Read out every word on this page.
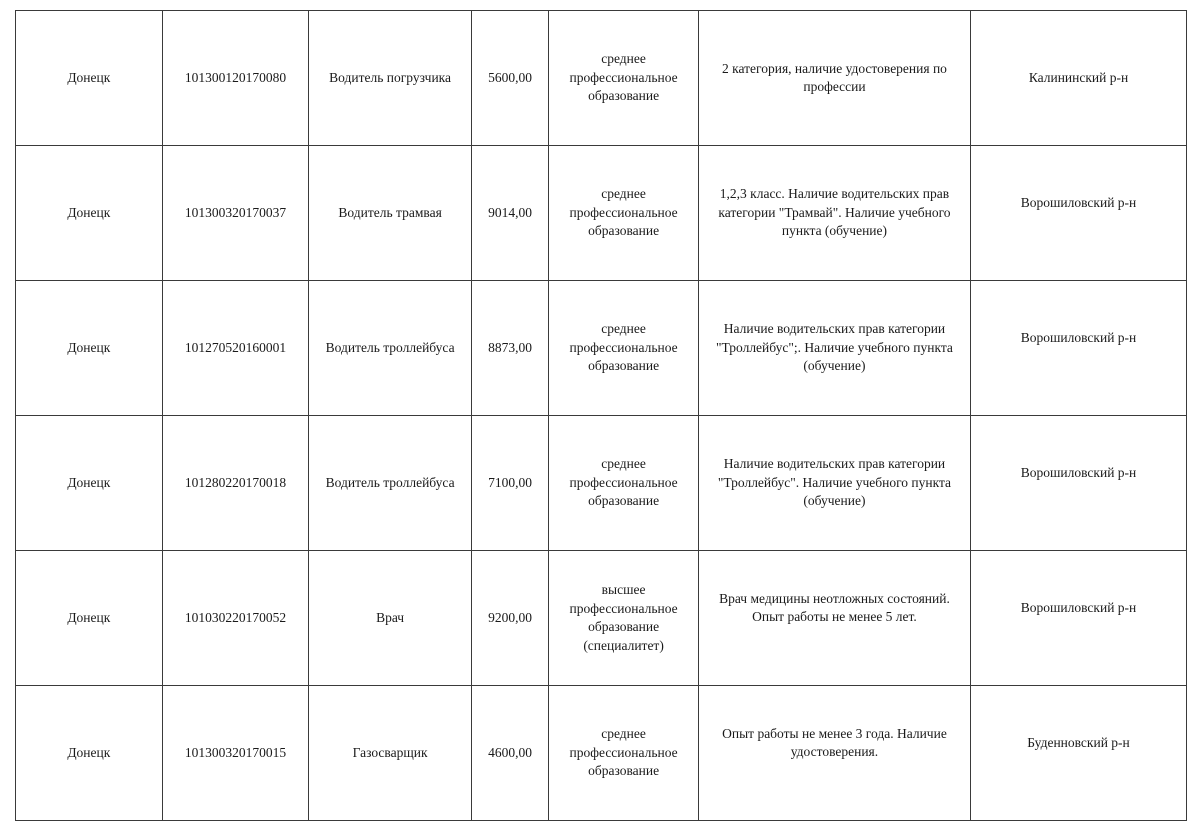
Донецк	101300120170080	Водитель погрузчика	5600,00	среднее профессиональное образование	2 категория, наличие удостоверения по профессии	Калининский р-н
Донецк	101300320170037	Водитель трамвая	9014,00	среднее профессиональное образование	1,2,3 класс. Наличие водительских прав категории "Трамвай". Наличие учебного пункта (обучение)	Ворошиловский р-н
Донецк	101270520160001	Водитель троллейбуса	8873,00	среднее профессиональное образование	Наличие водительских прав категории "Троллейбус";. Наличие учебного пункта (обучение)	Ворошиловский р-н
Донецк	101280220170018	Водитель троллейбуса	7100,00	среднее профессиональное образование	Наличие водительских прав категории "Троллейбус". Наличие учебного пункта (обучение)	Ворошиловский р-н
Донецк	101030220170052	Врач	9200,00	высшее профессиональное образование (специалитет)	Врач медицины неотложных состояний. Опыт работы не менее 5 лет.	Ворошиловский р-н
Донецк	101300320170015	Газосварщик	4600,00	среднее профессиональное образование	Опыт работы не менее 3 года. Наличие удостоверения.	Буденновский р-н
